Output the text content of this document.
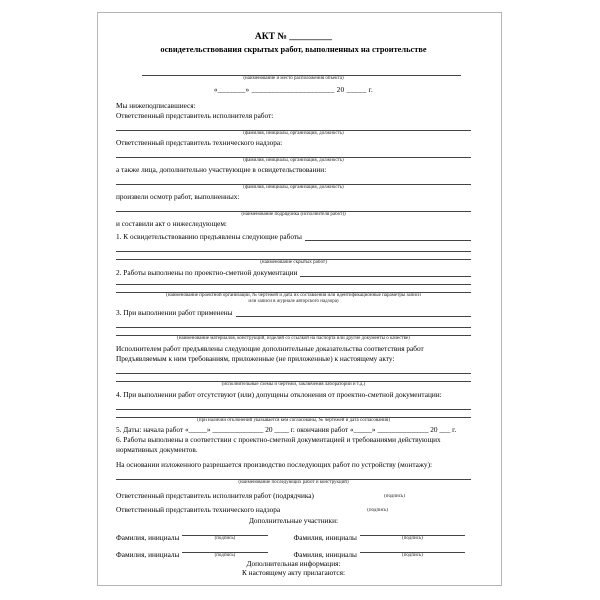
АКТ № _________
освидетельствования скрытых работ, выполненных на строительстве
(наименование и место расположения объекта)
«_______» _____________________ 20 _____ г.
Мы нижеподписавшиеся:
Ответственный представитель исполнителя работ:
(фамилия, инициалы, организация, должность)
Ответственный представитель технического надзора:
(фамилия, инициалы, организация, должность)
а также лица, дополнительно участвующие в освидетельствовании:
(фамилия, инициалы, организация, должность)
произвели осмотр работ, выполненных:
(наименование подрядчика (исполнителя работ))
и составили акт о нижеследующем:
1. К освидетельствованию предъявлены следующие работы
(наименование скрытых работ)
2. Работы выполнены по проектно-сметной документации
(наименование проектной организации, № чертежей и дата их составления или идентификационные параметры записи
или записи в журнале авторского надзора)
3. При выполнении работ применены
(наименование материалов, конструкций, изделий со ссылкой на паспорта или другие документы о качестве)
Исполнителем работ предъявлены следующие дополнительные доказательства соответствия работ
Предъявляемым к ним требованиям, приложенные (не приложенные) к настоящему акту:
(исполнительные схемы и чертежи, заключения лаборатории и т.д.)
4. При выполнении работ отсутствуют (или) допущены отклонения от проектно-сметной документации:
(при наличии отклонений указывается кем согласованы, № чертежей и дата согласования)
5. Даты: начала работ «_____» ______________ 20 ____ г. окончания работ «_____» ______________ 20 ___ г.
6. Работы выполнены в соответствии с проектно-сметной документацией и требованиями действующих
нормативных документов.
На основании изложенного разрешается производство последующих работ по устройству (монтажу):
(наименование последующих работ и конструкций)
Ответственный представитель исполнителя работ (подрядчика)	(подпись)
Ответственный представитель технического надзора	(подпись)
Дополнительные участники:
Фамилия, инициалы	(подпись)	Фамилия, инициалы	(подпись)
Фамилия, инициалы	(подпись)	Фамилия, инициалы	(подпись)
Дополнительная информация:
К настоящему акту прилагаются:
